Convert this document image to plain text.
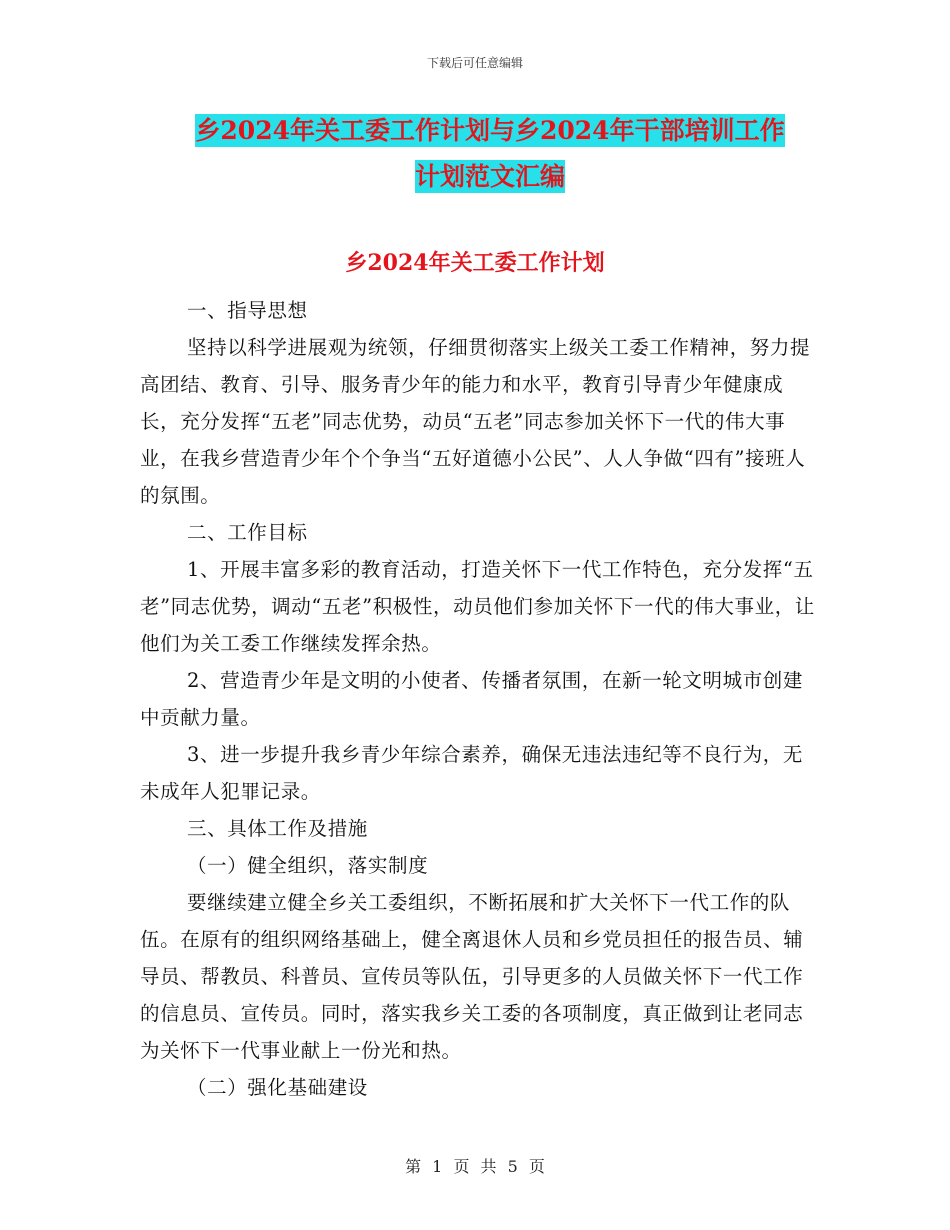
下载后可任意编辑
乡2024年关工委工作计划与乡2024年干部培训工作
计划范文汇编
乡2024年关工委工作计划

一、指导思想

坚持以科学进展观为统领，仔细贯彻落实上级关工委工作精神，努力提高团结、教育、引导、服务青少年的能力和水平，教育引导青少年健康成长，充分发挥“五老”同志优势，动员“五老”同志参加关怀下一代的伟大事业，在我乡营造青少年个个争当“五好道德小公民”、人人争做“四有”接班人的氛围。

二、工作目标

1、开展丰富多彩的教育活动，打造关怀下一代工作特色，充分发挥“五老”同志优势，调动“五老”积极性，动员他们参加关怀下一代的伟大事业，让他们为关工委工作继续发挥余热。

2、营造青少年是文明的小使者、传播者氛围，在新一轮文明城市创建中贡献力量。

3、进一步提升我乡青少年综合素养，确保无违法违纪等不良行为，无未成年人犯罪记录。

三、具体工作及措施

（一）健全组织，落实制度

要继续建立健全乡关工委组织，不断拓展和扩大关怀下一代工作的队伍。在原有的组织网络基础上，健全离退休人员和乡党员担任的报告员、辅导员、帮教员、科普员、宣传员等队伍，引导更多的人员做关怀下一代工作的信息员、宣传员。同时，落实我乡关工委的各项制度，真正做到让老同志为关怀下一代事业献上一份光和热。

（二）强化基础建设

第 1 页 共 5 页
